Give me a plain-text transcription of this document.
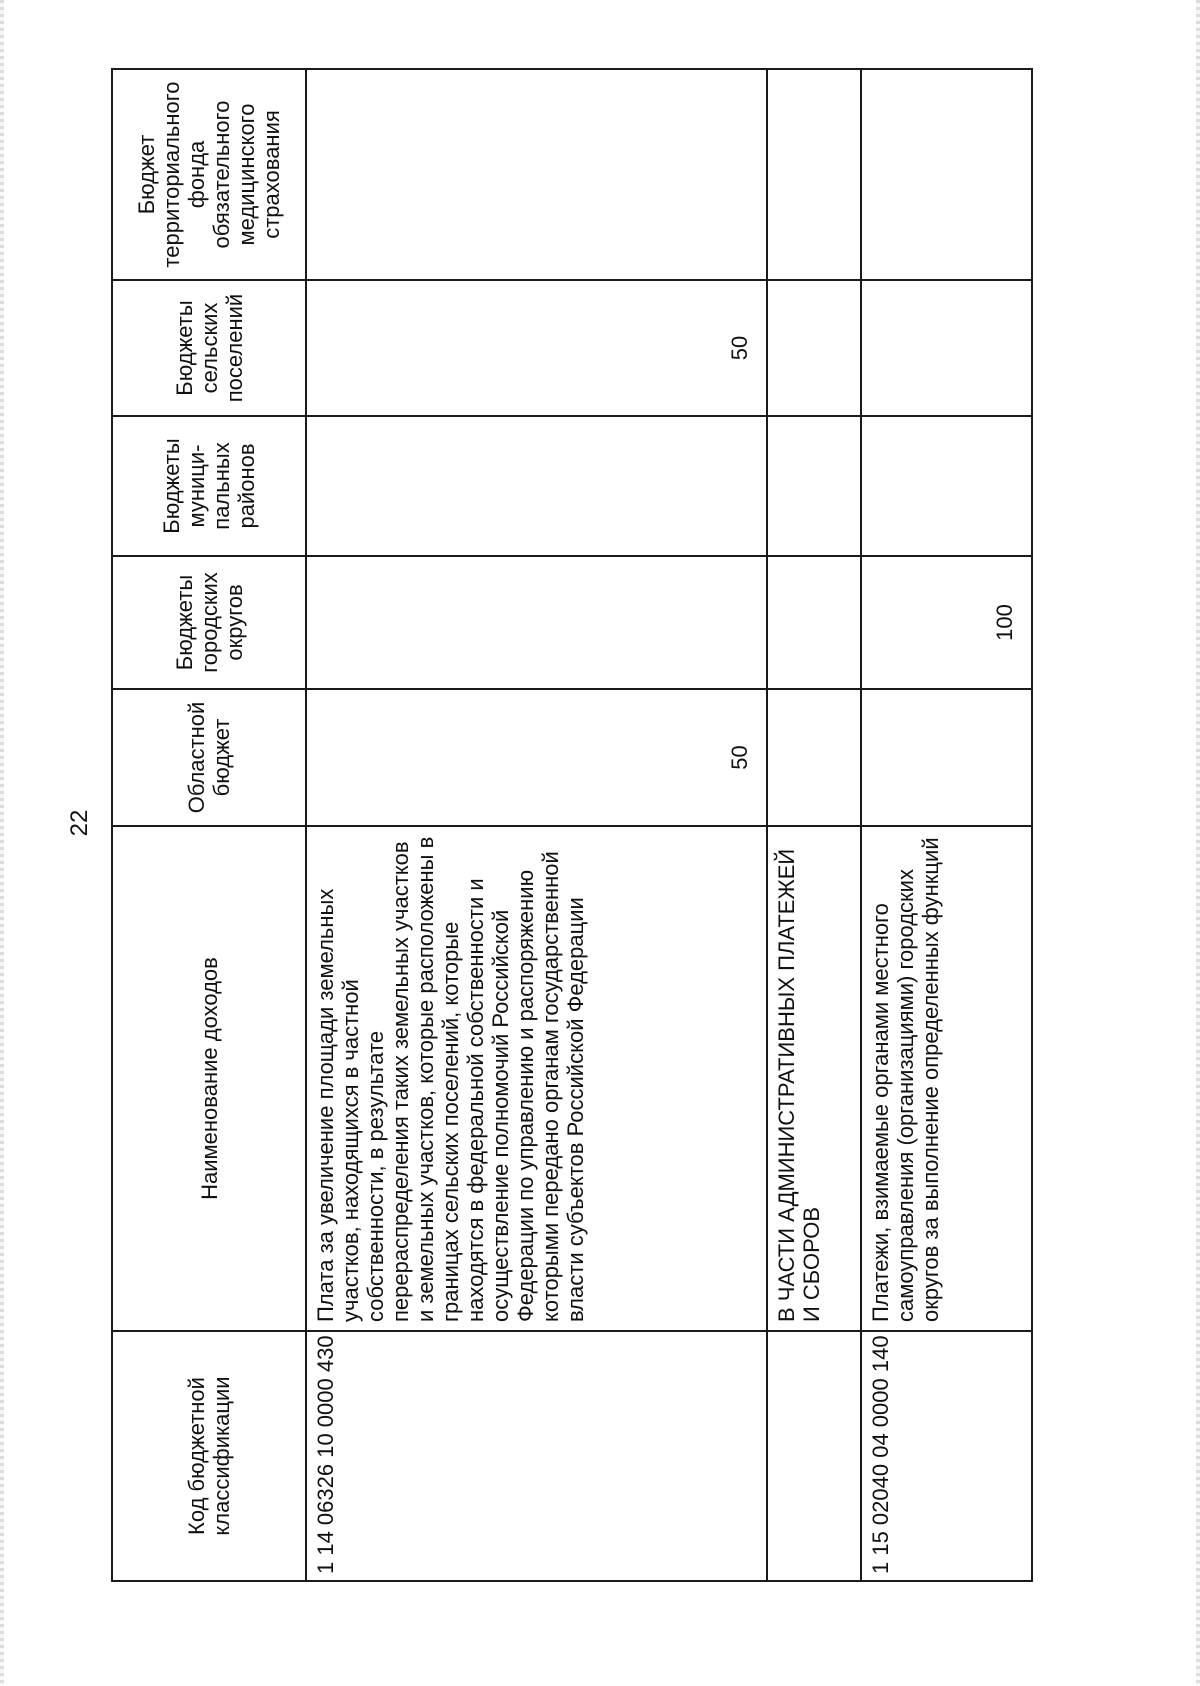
22
Код бюджетной классификации	Наименование доходов	Областной бюджет	Бюджеты городских округов	Бюджеты муници-пальных районов	Бюджеты сельских поселений	Бюджет территориального фонда обязательного медицинского страхования
1 14 06326 10 0000 430	Плата за увеличение площади земельных участков, находящихся в частной собственности, в результате перераспределения таких земельных участков и земельных участков, которые расположены в границах сельских поселений, которые находятся в федеральной собственности и осуществление полномочий Российской Федерации по управлению и распоряжению которыми передано органам государственной власти субъектов Российской Федерации	50			50	
	В ЧАСТИ АДМИНИСТРАТИВНЫХ ПЛАТЕЖЕЙ И СБОРОВ					
1 15 02040 04 0000 140	Платежи, взимаемые органами местного самоуправления (организациями) городских округов за выполнение определенных функций		100			
